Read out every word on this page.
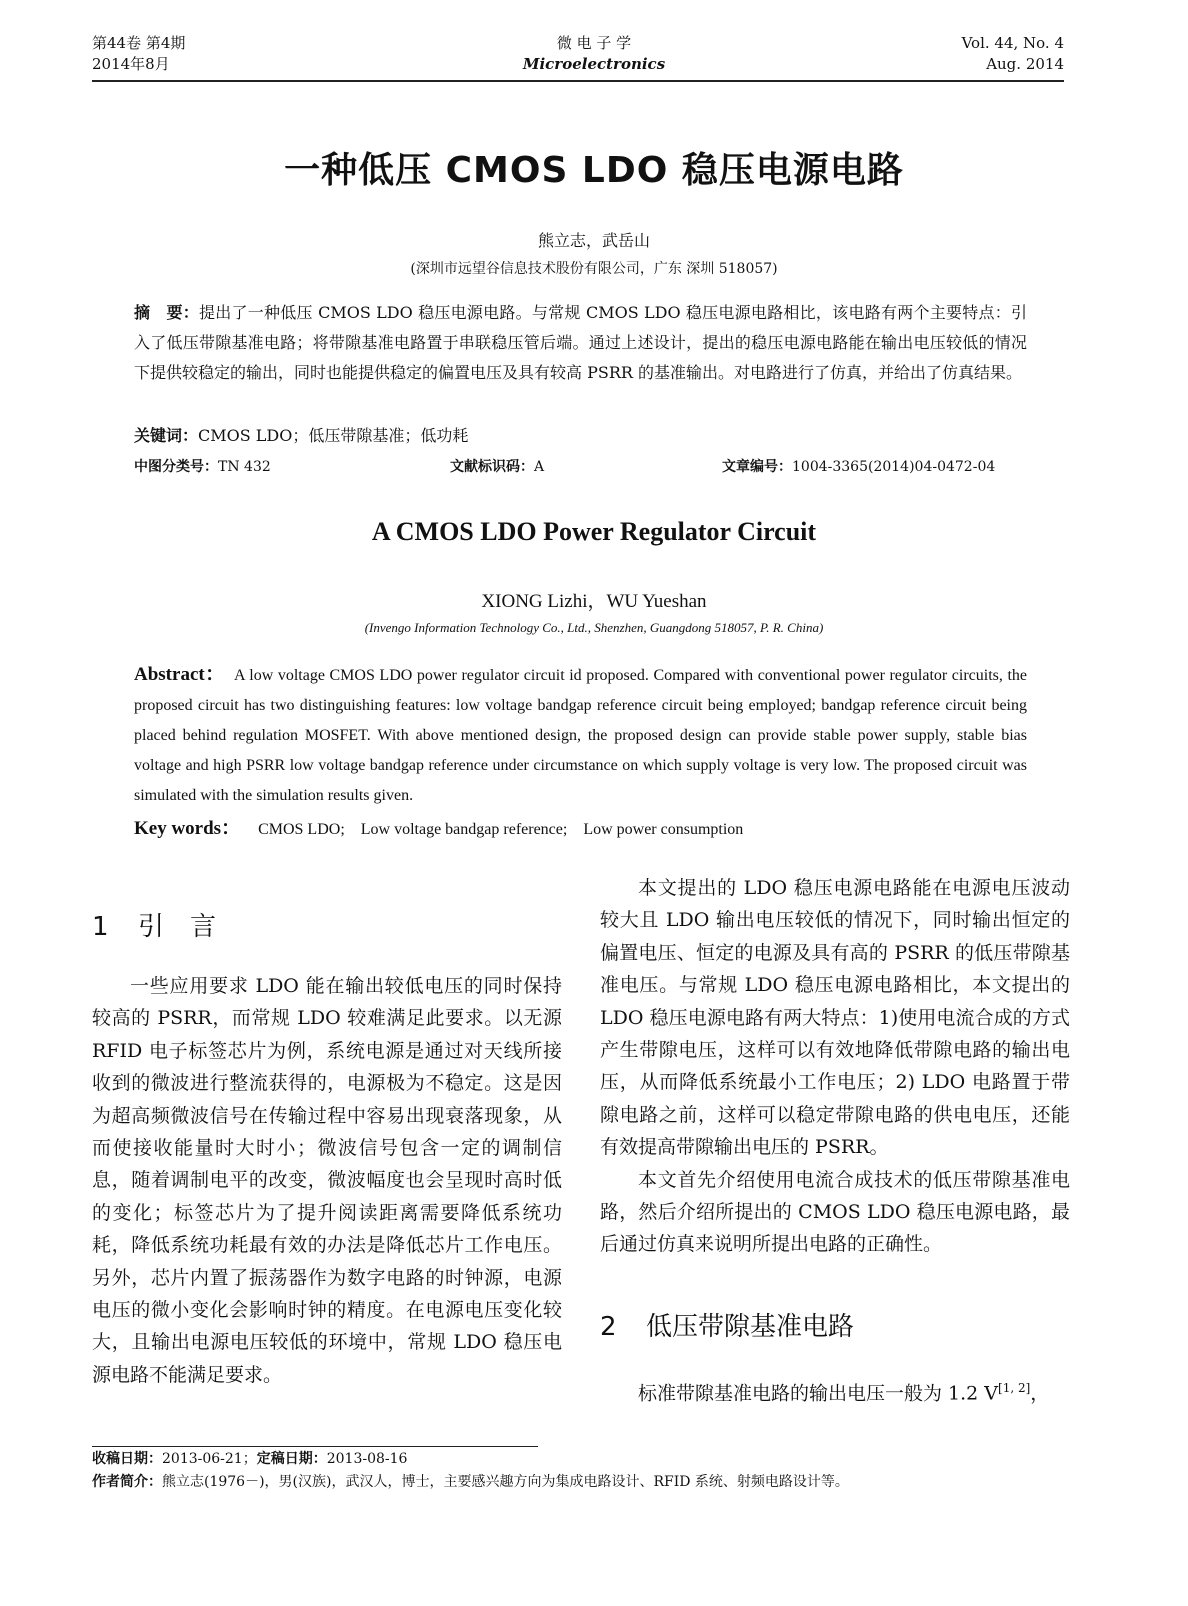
第44卷 第4期
2014年8月
微 电 子 学
Microelectronics
Vol. 44, No. 4
Aug. 2014
一种低压 CMOS LDO 稳压电源电路
熊立志，武岳山
(深圳市远望谷信息技术股份有限公司，广东 深圳 518057)
摘　要：提出了一种低压 CMOS LDO 稳压电源电路。与常规 CMOS LDO 稳压电源电路相比，该电路有两个主要特点：引入了低压带隙基准电路；将带隙基准电路置于串联稳压管后端。通过上述设计，提出的稳压电源电路能在输出电压较低的情况下提供较稳定的输出，同时也能提供稳定的偏置电压及具有较高 PSRR 的基准输出。对电路进行了仿真，并给出了仿真结果。
关键词：CMOS LDO；低压带隙基准；低功耗
中图分类号：TN 432	文献标识码：A	文章编号：1004-3365(2014)04-0472-04
A CMOS LDO Power Regulator Circuit
XIONG Lizhi，WU Yueshan
(Invengo Information Technology Co., Ltd., Shenzhen, Guangdong 518057, P. R. China)
Abstract： A low voltage CMOS LDO power regulator circuit id proposed. Compared with conventional power regulator circuits, the proposed circuit has two distinguishing features: low voltage bandgap reference circuit being employed; bandgap reference circuit being placed behind regulation MOSFET. With above mentioned design, the proposed design can provide stable power supply, stable bias voltage and high PSRR low voltage bandgap reference under circumstance on which supply voltage is very low. The proposed circuit was simulated with the simulation results given.
Key words： CMOS LDO;　Low voltage bandgap reference;　Low power consumption
1 引　言

一些应用要求 LDO 能在输出较低电压的同时保持较高的 PSRR，而常规 LDO 较难满足此要求。以无源 RFID 电子标签芯片为例，系统电源是通过对天线所接收到的微波进行整流获得的，电源极为不稳定。这是因为超高频微波信号在传输过程中容易出现衰落现象，从而使接收能量时大时小；微波信号包含一定的调制信息，随着调制电平的改变，微波幅度也会呈现时高时低的变化；标签芯片为了提升阅读距离需要降低系统功耗，降低系统功耗最有效的办法是降低芯片工作电压。另外，芯片内置了振荡器作为数字电路的时钟源，电源电压的微小变化会影响时钟的精度。在电源电压变化较大，且输出电源电压较低的环境中，常规 LDO 稳压电源电路不能满足要求。

本文提出的 LDO 稳压电源电路能在电源电压波动较大且 LDO 输出电压较低的情况下，同时输出恒定的偏置电压、恒定的电源及具有高的 PSRR 的低压带隙基准电压。与常规 LDO 稳压电源电路相比，本文提出的 LDO 稳压电源电路有两大特点：1)使用电流合成的方式产生带隙电压，这样可以有效地降低带隙电路的输出电压，从而降低系统最小工作电压；2) LDO 电路置于带隙电路之前，这样可以稳定带隙电路的供电电压，还能有效提高带隙输出电压的 PSRR。

本文首先介绍使用电流合成技术的低压带隙基准电路，然后介绍所提出的 CMOS LDO 稳压电源电路，最后通过仿真来说明所提出电路的正确性。

2 低压带隙基准电路

标准带隙基准电路的输出电压一般为 1.2 V[1, 2]，

收稿日期：2013-06-21；定稿日期：2013-08-16
作者简介：熊立志(1976－)，男(汉族)，武汉人，博士，主要感兴趣方向为集成电路设计、RFID 系统、射频电路设计等。
